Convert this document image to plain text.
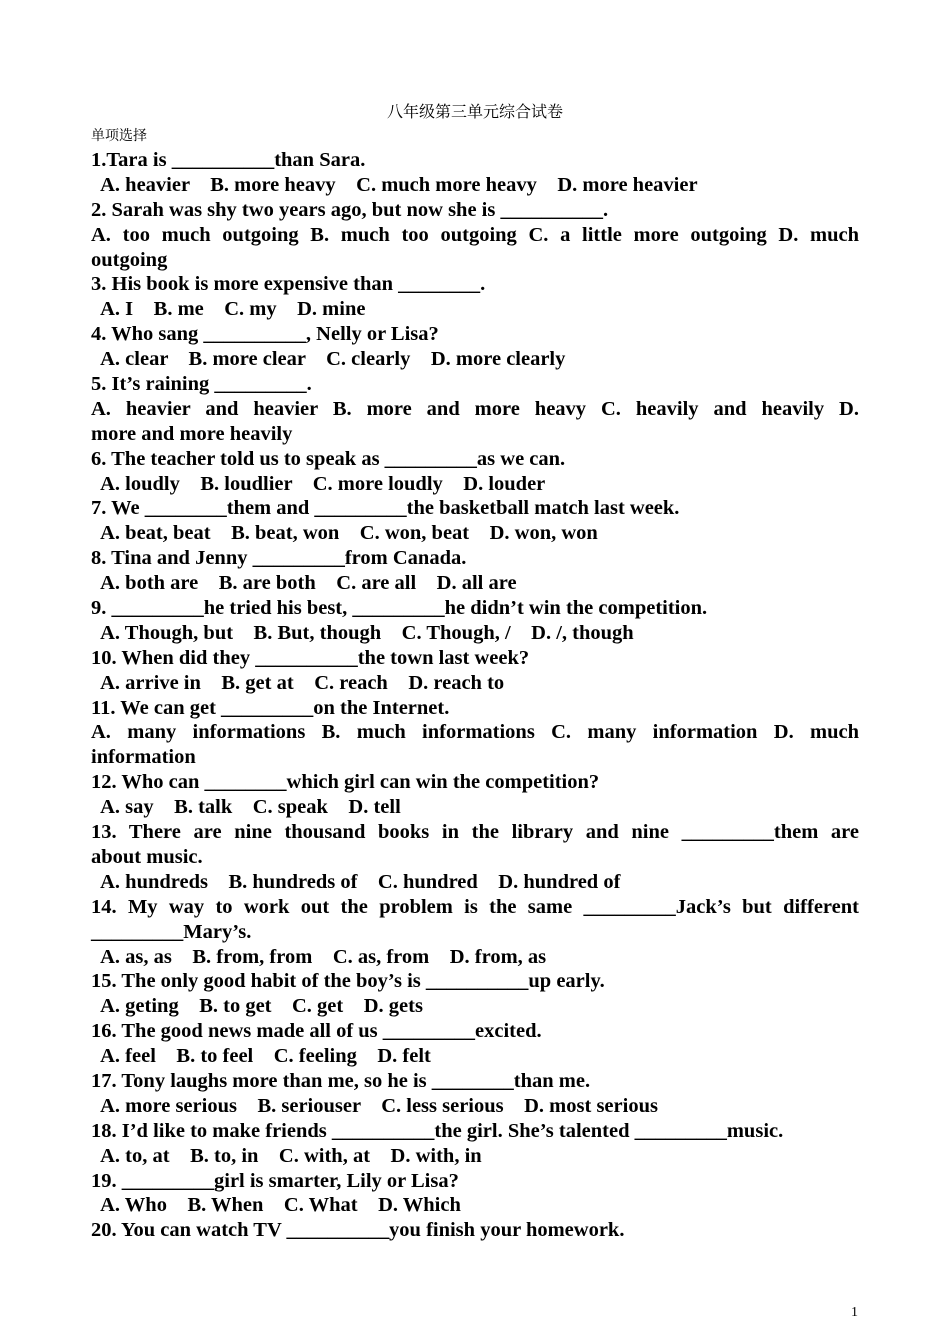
八年级第三单元综合试卷
单项选择
1.Tara is __________than Sara.
A. heavier    B. more heavy    C. much more heavy    D. more heavier
2. Sarah was shy two years ago, but now she is __________.
A. too much outgoing B. much too outgoing C. a little more outgoing D. much
outgoing
3. His book is more expensive than ________.
A. I    B. me    C. my    D. mine
4. Who sang __________, Nelly or Lisa?
A. clear    B. more clear    C. clearly    D. more clearly
5. It’s raining _________.
A. heavier and heavier B. more and more heavy C. heavily and heavily D.
more and more heavily
6. The teacher told us to speak as _________as we can.
A. loudly    B. loudlier    C. more loudly    D. louder
7. We ________them and _________the basketball match last week.
A. beat, beat    B. beat, won    C. won, beat    D. won, won
8. Tina and Jenny _________from Canada.
A. both are    B. are both    C. are all    D. all are
9. _________he tried his best, _________he didn’t win the competition.
A. Though, but    B. But, though    C. Though, /    D. /, though
10. When did they __________the town last week?
A. arrive in    B. get at    C. reach    D. reach to
11. We can get _________on the Internet.
A. many informations B. much informations C. many information D. much
information
12. Who can ________which girl can win the competition?
A. say    B. talk    C. speak    D. tell
13. There are nine thousand books in the library and nine _________them are
about music.
A. hundreds    B. hundreds of    C. hundred    D. hundred of
14. My way to work out the problem is the same _________Jack’s but different
_________Mary’s.
A. as, as    B. from, from    C. as, from    D. from, as
15. The only good habit of the boy’s is __________up early.
A. geting    B. to get    C. get    D. gets
16. The good news made all of us _________excited.
A. feel    B. to feel    C. feeling    D. felt
17. Tony laughs more than me, so he is ________than me.
A. more serious    B. seriouser    C. less serious    D. most serious
18. I’d like to make friends __________the girl. She’s talented _________music.
A. to, at    B. to, in    C. with, at    D. with, in
19. _________girl is smarter, Lily or Lisa?
A. Who    B. When    C. What    D. Which
20. You can watch TV __________you finish your homework.
1
